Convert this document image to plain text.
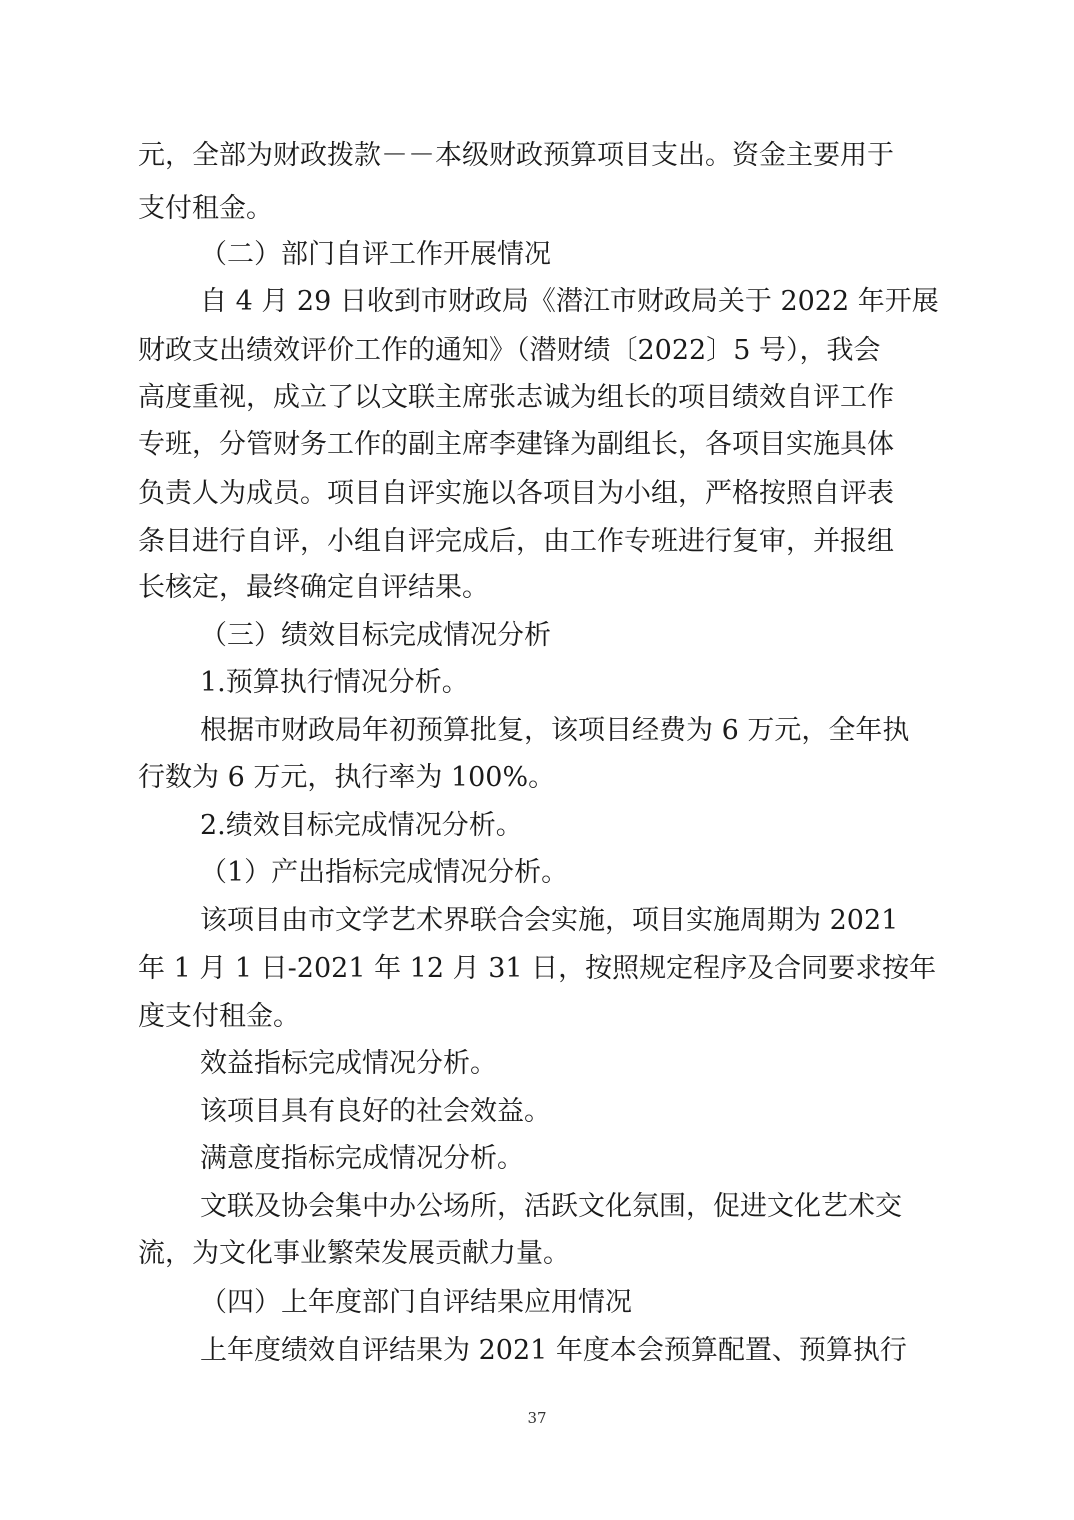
元，全部为财政拨款－－本级财政预算项目支出。资金主要用于
支付租金。
（二）部门自评工作开展情况
自 4 月 29 日收到市财政局《潜江市财政局关于 2022 年开展
财政支出绩效评价工作的通知》（潜财绩〔2022〕5 号），我会
高度重视，成立了以文联主席张志诚为组长的项目绩效自评工作
专班，分管财务工作的副主席李建锋为副组长，各项目实施具体
负责人为成员。项目自评实施以各项目为小组，严格按照自评表
条目进行自评，小组自评完成后，由工作专班进行复审，并报组
长核定，最终确定自评结果。
（三）绩效目标完成情况分析
1.预算执行情况分析。
根据市财政局年初预算批复，该项目经费为 6 万元，全年执
行数为 6 万元，执行率为 100%。
2.绩效目标完成情况分析。
（1）产出指标完成情况分析。
该项目由市文学艺术界联合会实施，项目实施周期为 2021
年 1 月 1 日-2021 年 12 月 31 日，按照规定程序及合同要求按年
度支付租金。
效益指标完成情况分析。
该项目具有良好的社会效益。
满意度指标完成情况分析。
文联及协会集中办公场所，活跃文化氛围，促进文化艺术交
流，为文化事业繁荣发展贡献力量。
（四）上年度部门自评结果应用情况
上年度绩效自评结果为 2021 年度本会预算配置、预算执行
37
